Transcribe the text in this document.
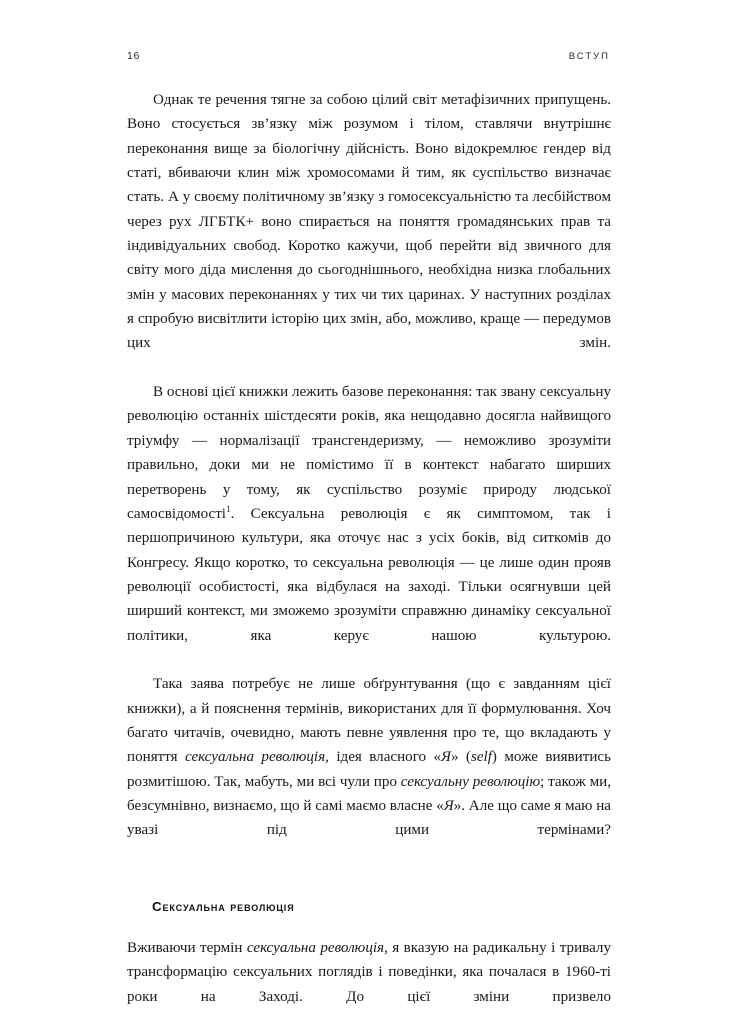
16	ВСТУП

Однак те речення тягне за собою цілий світ метафізичних припущень. Воно стосується зв’язку між розумом і тілом, ставлячи внутрішнє переконання вище за біологічну дійсність. Воно відокремлює гендер від статі, вбиваючи клин між хромосомами й тим, як суспільство визначає стать. А у своєму політичному зв’язку з гомосексуальністю та лесбійством через рух ЛГБТК+ воно спирається на поняття громадянських прав та індивідуальних свобод. Коротко кажучи, щоб перейти від звичного для світу мого діда мислення до сьогоднішнього, необхідна низка глобальних змін у масових переконаннях у тих чи тих царинах. У наступних розділах я спробую висвітлити історію цих змін, або, можливо, краще — передумов цих змін.

В основі цієї книжки лежить базове переконання: так звану сексуальну революцію останніх шістдесяти років, яка нещодавно досягла найвищого тріумфу — нормалізації трансгендеризму, — неможливо зрозуміти правильно, доки ми не помістимо її в контекст набагато ширших перетворень у тому, як суспільство розуміє природу людської самосвідомості$^1$. Сексуальна революція є як симптомом, так і першопричиною культури, яка оточує нас з усіх боків, від ситкомів до Конгресу. Якщо коротко, то сексуальна революція — це лише один прояв революції особистості, яка відбулася на заході. Тільки осягнувши цей ширший контекст, ми зможемо зрозуміти справжню динаміку сексуальної політики, яка керує нашою культурою.

Така заява потребує не лише обґрунтування (що є завданням цієї книжки), а й пояснення термінів, використаних для її формулювання. Хоч багато читачів, очевидно, мають певне уявлення про те, що вкладають у поняття сексуальна революція, ідея власного «Я» (self) може виявитись розмитішою. Так, мабуть, ми всі чули про сексуальну революцію; також ми, безсумнівно, визнаємо, що й самі маємо власне «Я». Але що саме я маю на увазі під цими термінами?

Сексуальна революція

Вживаючи термін сексуальна революція, я вказую на радикальну і тривалу трансформацію сексуальних поглядів і поведінки, яка почалася в 1960-ті роки на Заході. До цієї зміни призвело
